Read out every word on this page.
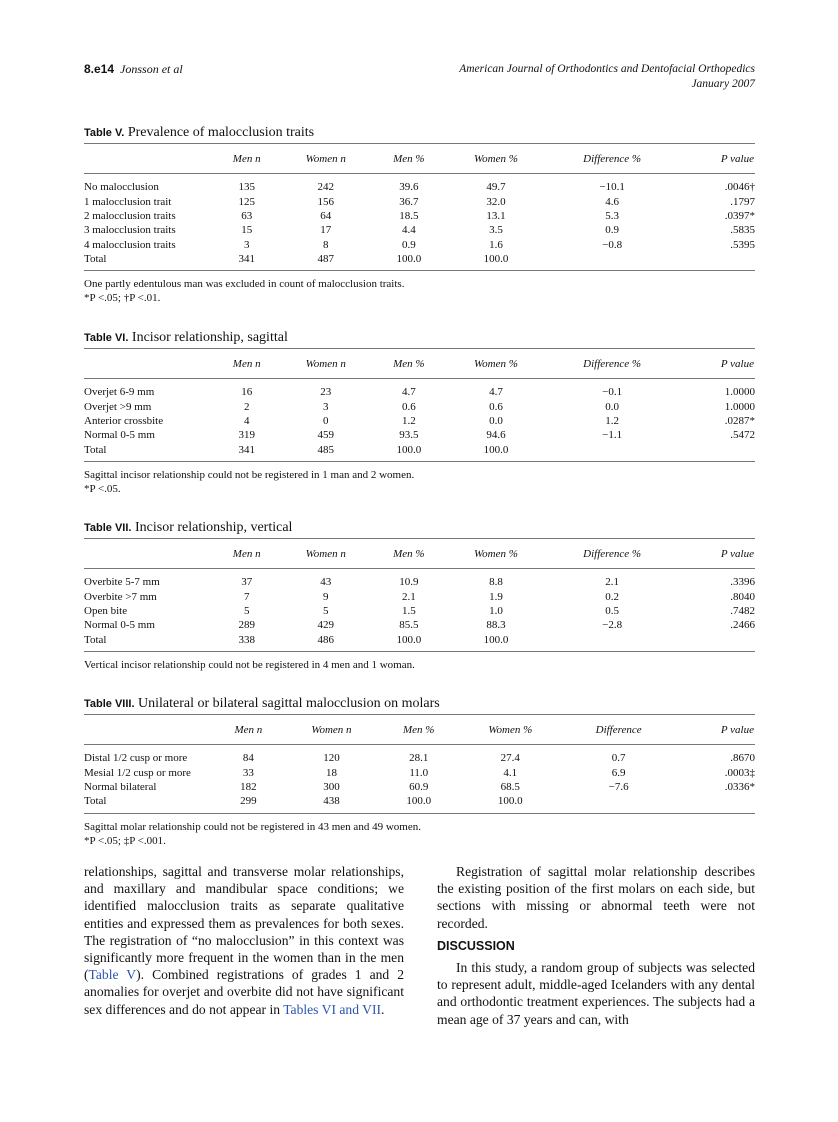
8.e14 Jonsson et al	American Journal of Orthodontics and Dentofacial Orthopedics
January 2007
Table V. Prevalence of malocclusion traits
	Men n	Women n	Men %	Women %	Difference %	P value

No malocclusion	135	242	39.6	49.7	−10.1	.0046†
1 malocclusion trait	125	156	36.7	32.0	4.6	.1797
2 malocclusion traits	63	64	18.5	13.1	5.3	.0397*
3 malocclusion traits	15	17	4.4	3.5	0.9	.5835
4 malocclusion traits	3	8	0.9	1.6	−0.8	.5395
Total	341	487	100.0	100.0		

One partly edentulous man was excluded in count of malocclusion traits.
*P <.05; †P <.01.
Table VI. Incisor relationship, sagittal
	Men n	Women n	Men %	Women %	Difference %	P value

Overjet 6-9 mm	16	23	4.7	4.7	−0.1	1.0000
Overjet >9 mm	2	3	0.6	0.6	0.0	1.0000
Anterior crossbite	4	0	1.2	0.0	1.2	.0287*
Normal 0-5 mm	319	459	93.5	94.6	−1.1	.5472
Total	341	485	100.0	100.0		

Sagittal incisor relationship could not be registered in 1 man and 2 women.
*P <.05.
Table VII. Incisor relationship, vertical
	Men n	Women n	Men %	Women %	Difference %	P value

Overbite 5-7 mm	37	43	10.9	8.8	2.1	.3396
Overbite >7 mm	7	9	2.1	1.9	0.2	.8040
Open bite	5	5	1.5	1.0	0.5	.7482
Normal 0-5 mm	289	429	85.5	88.3	−2.8	.2466
Total	338	486	100.0	100.0		

Vertical incisor relationship could not be registered in 4 men and 1 woman.
Table VIII. Unilateral or bilateral sagittal malocclusion on molars
	Men n	Women n	Men %	Women %	Difference	P value

Distal 1/2 cusp or more	84	120	28.1	27.4	0.7	.8670
Mesial 1/2 cusp or more	33	18	11.0	4.1	6.9	.0003‡
Normal bilateral	182	300	60.9	68.5	−7.6	.0336*
Total	299	438	100.0	100.0		

Sagittal molar relationship could not be registered in 43 men and 49 women.
*P <.05; ‡P <.001.

relationships, sagittal and transverse molar relationships, and maxillary and mandibular space conditions; we identified malocclusion traits as separate qualitative entities and expressed them as prevalences for both sexes. The registration of “no malocclusion” in this context was significantly more frequent in the women than in the men (Table V). Combined registrations of grades 1 and 2 anomalies for overjet and overbite did not have significant sex differences and do not appear in Tables VI and VII.

Registration of sagittal molar relationship describes the existing position of the first molars on each side, but sections with missing or abnormal teeth were not recorded.

DISCUSSION

In this study, a random group of subjects was selected to represent adult, middle-aged Icelanders with any dental and orthodontic treatment experiences. The subjects had a mean age of 37 years and can, with
